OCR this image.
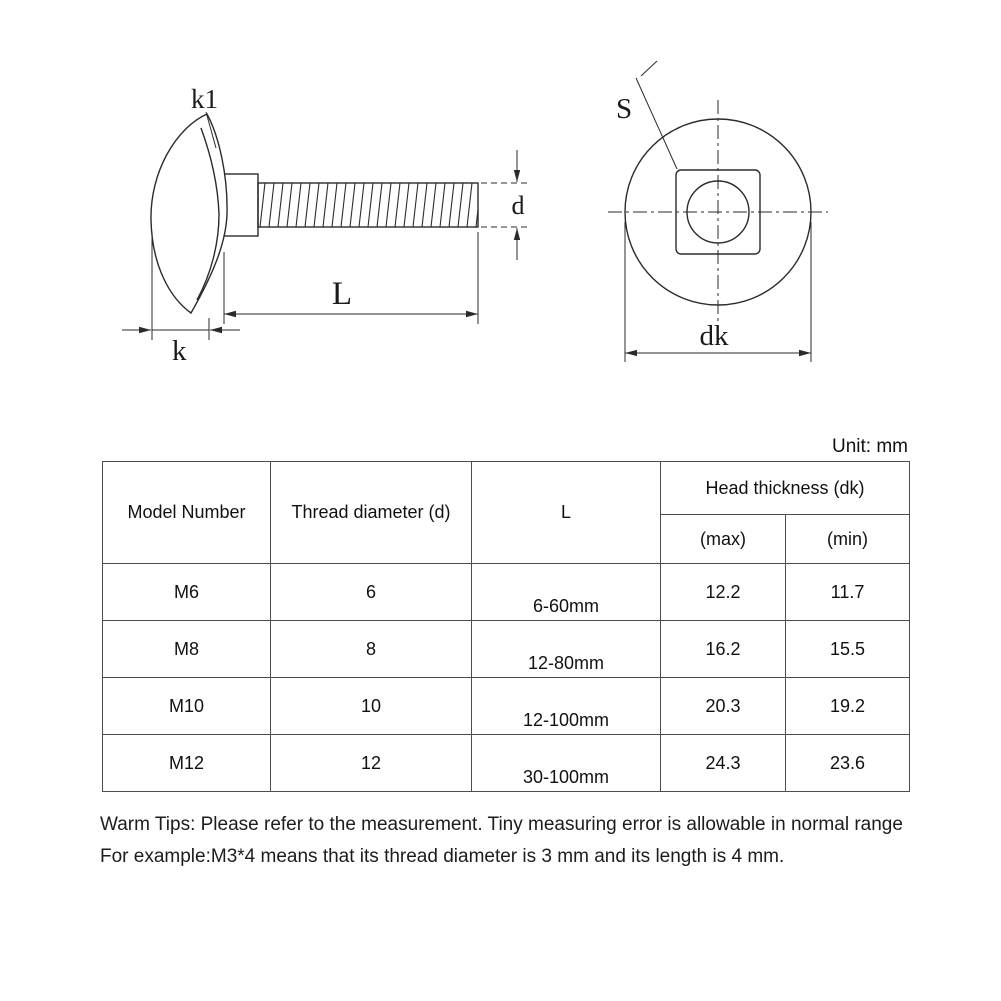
k1
d
L
k
S
dk
Unit: mm
Model Number	Thread diameter (d)	L	Head thickness (dk)	
			(max)	(min)
M6	6	6-60mm	12.2	11.7
M8	8	12-80mm	16.2	15.5
M10	10	12-100mm	20.3	19.2
M12	12	30-100mm	24.3	23.6
Warm Tips: Please refer to the measurement. Tiny measuring error is allowable in normal range
For example:M3*4 means that its thread diameter is 3 mm and its length is 4 mm.
